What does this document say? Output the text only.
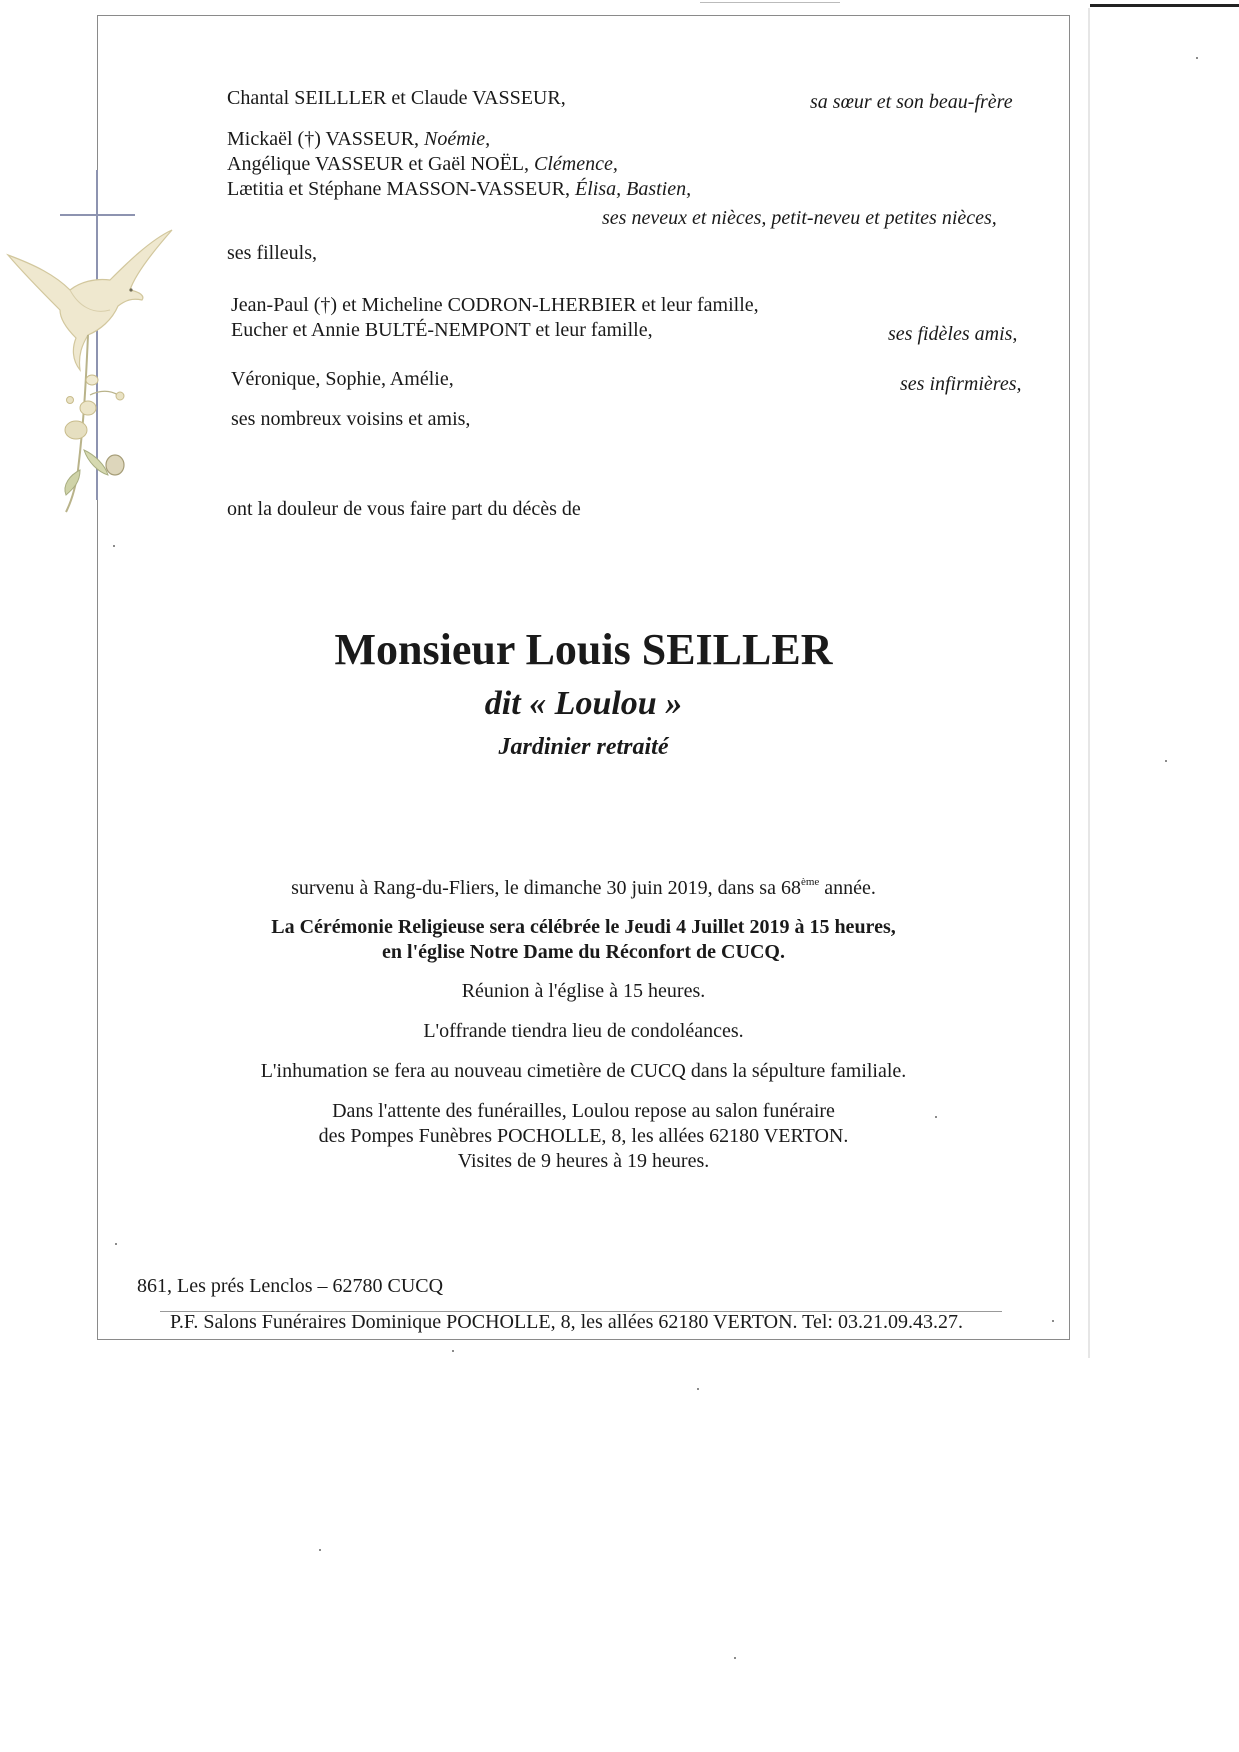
Chantal SEILLLER et Claude VASSEUR,	sa sœur et son beau-frère
Mickaël (†) VASSEUR, Noémie,
Angélique VASSEUR et Gaël NOËL, Clémence,
Lætitia et Stéphane MASSON-VASSEUR, Élisa, Bastien,
ses neveux et nièces, petit-neveu et petites nièces,
ses filleuls,
Jean-Paul (†) et Micheline CODRON-LHERBIER et leur famille,
Eucher et Annie BULTÉ-NEMPONT et leur famille,	ses fidèles amis,
Véronique, Sophie, Amélie,	ses infirmières,
ses nombreux voisins et amis,
ont la douleur de vous faire part du décès de
Monsieur Louis SEILLER
dit « Loulou »
Jardinier retraité
survenu à Rang-du-Fliers, le dimanche 30 juin 2019, dans sa 68ème année.
La Cérémonie Religieuse sera célébrée le Jeudi 4 Juillet 2019 à 15 heures,
en l'église Notre Dame du Réconfort de CUCQ.
Réunion à l'église à 15 heures.
L'offrande tiendra lieu de condoléances.
L'inhumation se fera au nouveau cimetière de CUCQ dans la sépulture familiale.
Dans l'attente des funérailles, Loulou repose au salon funéraire
des Pompes Funèbres POCHOLLE, 8, les allées 62180 VERTON.
Visites de 9 heures à 19 heures.
861, Les prés Lenclos – 62780 CUCQ
P.F. Salons Funéraires Dominique POCHOLLE, 8, les allées 62180 VERTON. Tel: 03.21.09.43.27.
